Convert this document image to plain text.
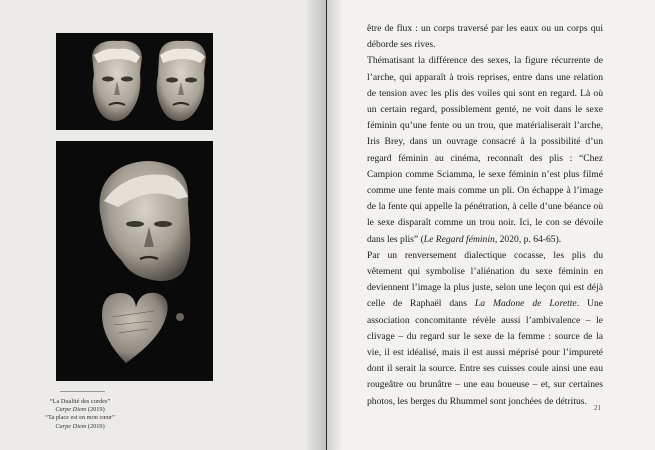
“La Dualité des cordes”
Carpe Diem (2019)
“Ta place est en mon cœur”
Carpe Diem (2019)

être de flux : un corps traversé par les eaux ou un corps qui déborde ses rives.

Thématisant la différence des sexes, la figure récurrente de l’arche, qui apparaît à trois reprises, entre dans une relation de tension avec les plis des voiles qui sont en regard. Là où un certain regard, possiblement genté, ne voit dans le sexe féminin qu’une fente ou un trou, que matérialiserait l’arche, Iris Brey, dans un ouvrage consacré à la possibilité d’un regard féminin au cinéma, reconnaît des plis : “Chez Campion comme Sciamma, le sexe féminin n’est plus filmé comme une fente mais comme un pli. On échappe à l’image de la fente qui appelle la pénétration, à celle d’une béance où le sexe disparaît comme un trou noir. Ici, le con se dévoile dans les plis” (Le Regard féminin, 2020, p. 64-65).

Par un renversement dialectique cocasse, les plis du vêtement qui symbolise l’aliénation du sexe féminin en deviennent l’image la plus juste, selon une leçon qui est déjà celle de Raphaël dans La Madone de Lorette. Une association concomitante révèle aussi l’ambivalence – le clivage – du regard sur le sexe de la femme : source de la vie, il est idéalisé, mais il est aussi méprisé pour l’impureté dont il serait la source. Entre ses cuisses coule ainsi une eau rougeâtre ou brunâtre – une eau boueuse – et, sur certaines photos, les berges du Rhummel sont jonchées de détritus.

21
